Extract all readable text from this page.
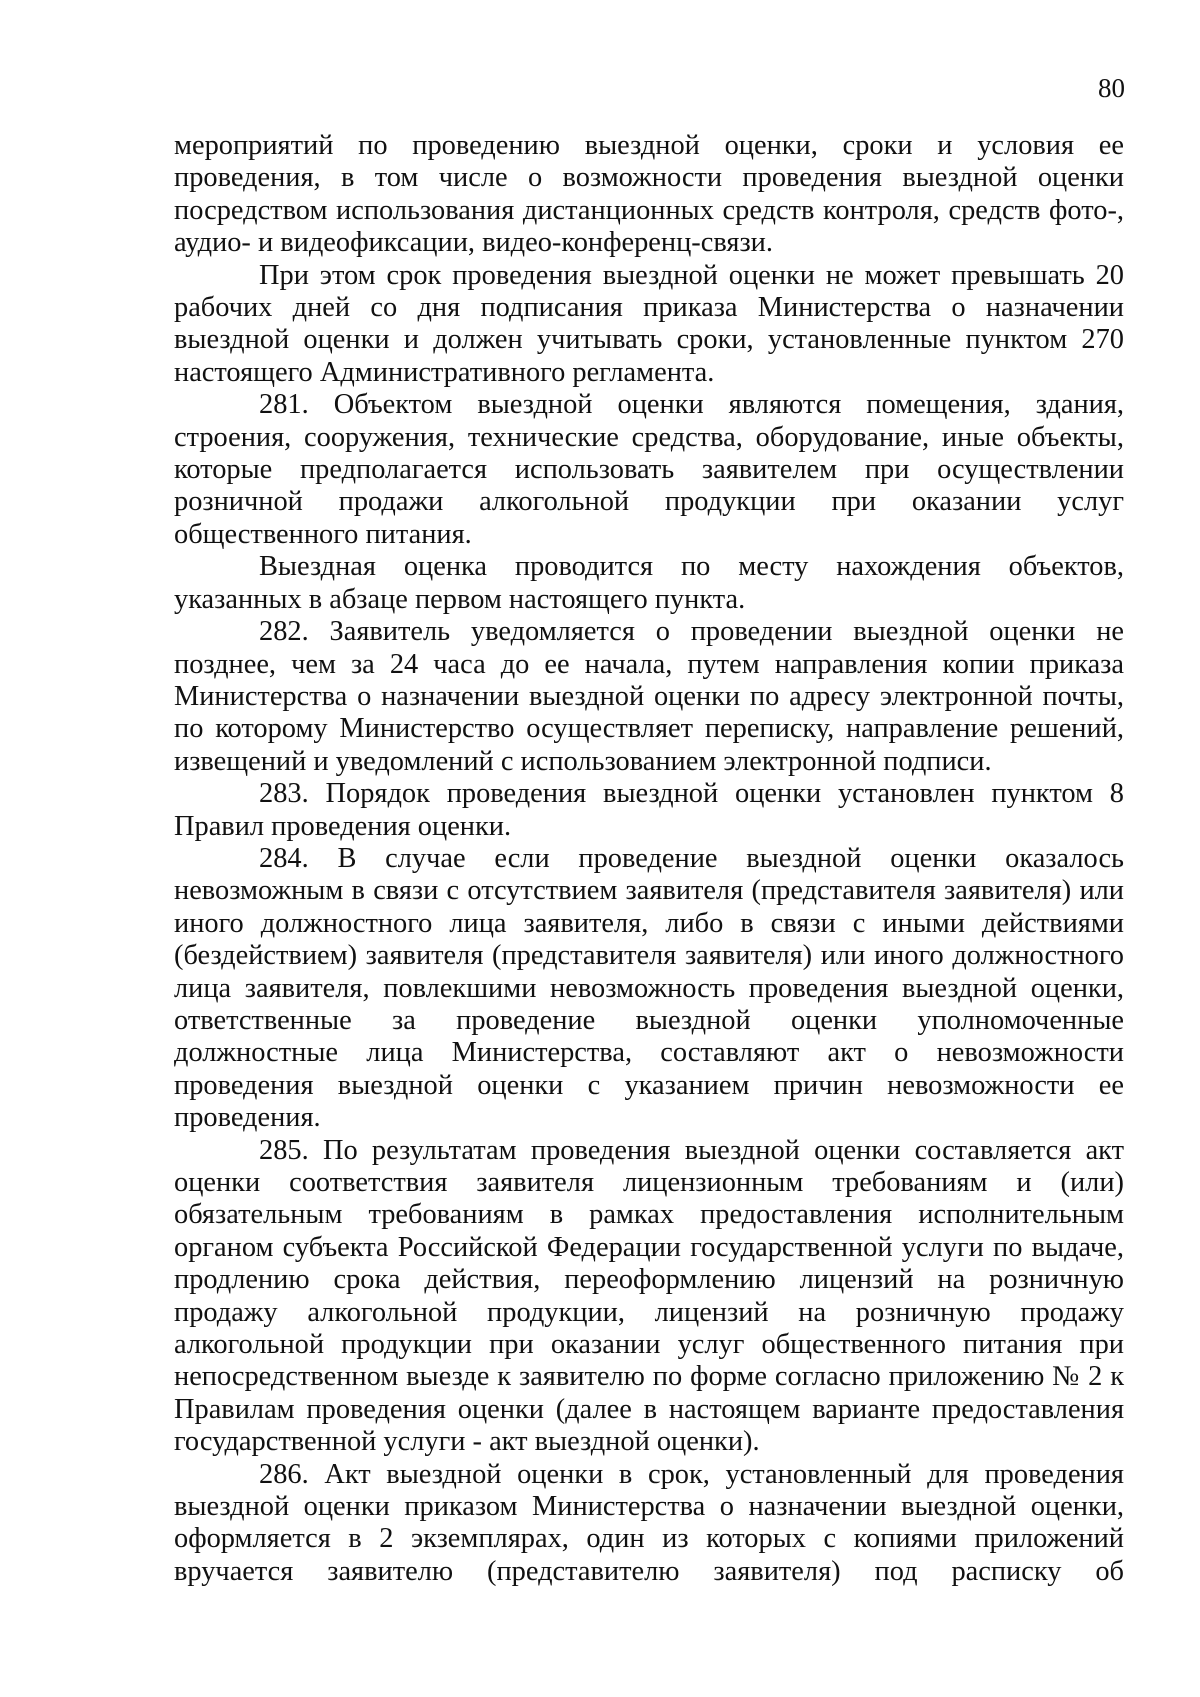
80

мероприятий по проведению выездной оценки, сроки и условия ее проведения, в том числе о возможности проведения выездной оценки посредством использования дистанционных средств контроля, средств фото-, аудио- и видеофиксации, видео-конференц-связи.

При этом срок проведения выездной оценки не может превышать 20 рабочих дней со дня подписания приказа Министерства о назначении выездной оценки и должен учитывать сроки, установленные пунктом 270 настоящего Административного регламента.

281. Объектом выездной оценки являются помещения, здания, строения, сооружения, технические средства, оборудование, иные объекты, которые предполагается использовать заявителем при осуществлении розничной продажи алкогольной продукции при оказании услуг общественного питания.

Выездная оценка проводится по месту нахождения объектов, указанных в абзаце первом настоящего пункта.

282. Заявитель уведомляется о проведении выездной оценки не позднее, чем за 24 часа до ее начала, путем направления копии приказа Министерства о назначении выездной оценки по адресу электронной почты, по которому Министерство осуществляет переписку, направление решений, извещений и уведомлений с использованием электронной подписи.

283. Порядок проведения выездной оценки установлен пунктом 8 Правил проведения оценки.

284. В случае если проведение выездной оценки оказалось невозможным в связи с отсутствием заявителя (представителя заявителя) или иного должностного лица заявителя, либо в связи с иными действиями (бездействием) заявителя (представителя заявителя) или иного должностного лица заявителя, повлекшими невозможность проведения выездной оценки, ответственные за проведение выездной оценки уполномоченные должностные лица Министерства, составляют акт о невозможности проведения выездной оценки с указанием причин невозможности ее проведения.

285. По результатам проведения выездной оценки составляется акт оценки соответствия заявителя лицензионным требованиям и (или) обязательным требованиям в рамках предоставления исполнительным органом субъекта Российской Федерации государственной услуги по выдаче, продлению срока действия, переоформлению лицензий на розничную продажу алкогольной продукции, лицензий на розничную продажу алкогольной продукции при оказании услуг общественного питания при непосредственном выезде к заявителю по форме согласно приложению № 2 к Правилам проведения оценки (далее в настоящем варианте предоставления государственной услуги - акт выездной оценки).

286. Акт выездной оценки в срок, установленный для проведения выездной оценки приказом Министерства о назначении выездной оценки, оформляется в 2 экземплярах, один из которых с копиями приложений вручается заявителю (представителю заявителя) под расписку об
